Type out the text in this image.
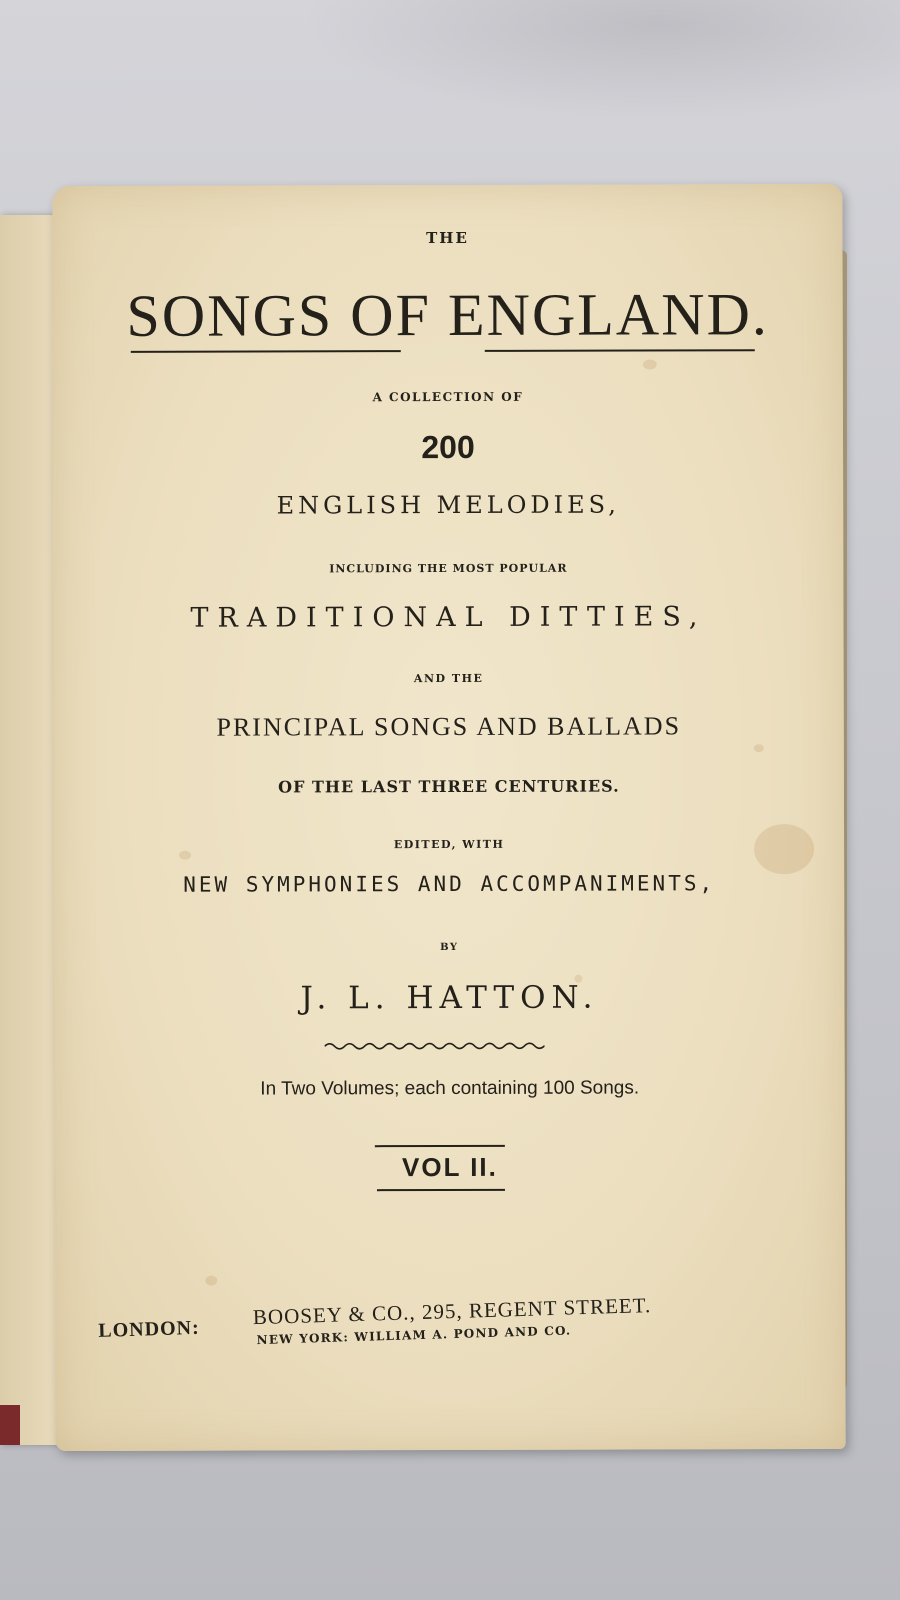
THE
SONGS OF ENGLAND.
A COLLECTION OF
200
ENGLISH MELODIES,
INCLUDING THE MOST POPULAR
TRADITIONAL DITTIES,
AND THE
PRINCIPAL SONGS AND BALLADS
OF THE LAST THREE CENTURIES.
EDITED, WITH
NEW SYMPHONIES AND ACCOMPANIMENTS,
BY
J. L. HATTON.
In Two Volumes; each containing 100 Songs.
VOL II.
LONDON:
BOOSEY & CO., 295, REGENT STREET.
NEW YORK: WILLIAM A. POND AND CO.
